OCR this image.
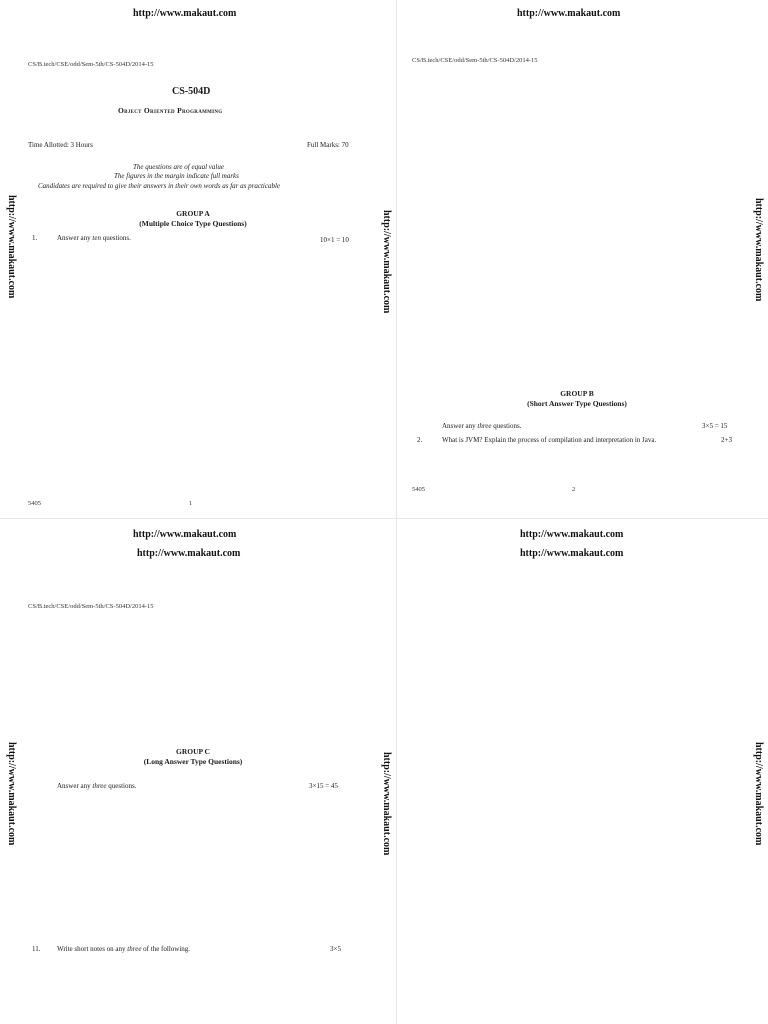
http://www.makaut.com	http://www.makaut.com
http://www.makaut.com	http://www.makaut.com
http://www.makaut.com	http://www.makaut.com
http://www.makaut.com	http://www.makaut.com	http://www.makaut.com
http://www.makaut.com	http://www.makaut.com	http://www.makaut.com
CS/B.tech/CSE/odd/Sem-5th/CS-504D/2014-15
CS-504D
Object Oriented Programming
Time Allotted: 3 Hours	Full Marks: 70
The questions are of equal value
The figures in the margin indicate full marks
Candidates are required to give their answers in their own words as far as practicable
GROUP A
(Multiple Choice Type Questions)
1.	Answer any ten questions.	10×1 = 10
5405	1
CS/B.tech/CSE/odd/Sem-5th/CS-504D/2014-15
GROUP B
(Short Answer Type Questions)
Answer any three questions.	3×5 = 15
2.	What is JVM? Explain the process of compilation and interpretation in Java.	2+3
5405	2
CS/B.tech/CSE/odd/Sem-5th/CS-504D/2014-15
GROUP C
(Long Answer Type Questions)
Answer any three questions.	3×15 = 45
11. Write short notes on any three of the following.	3×5
